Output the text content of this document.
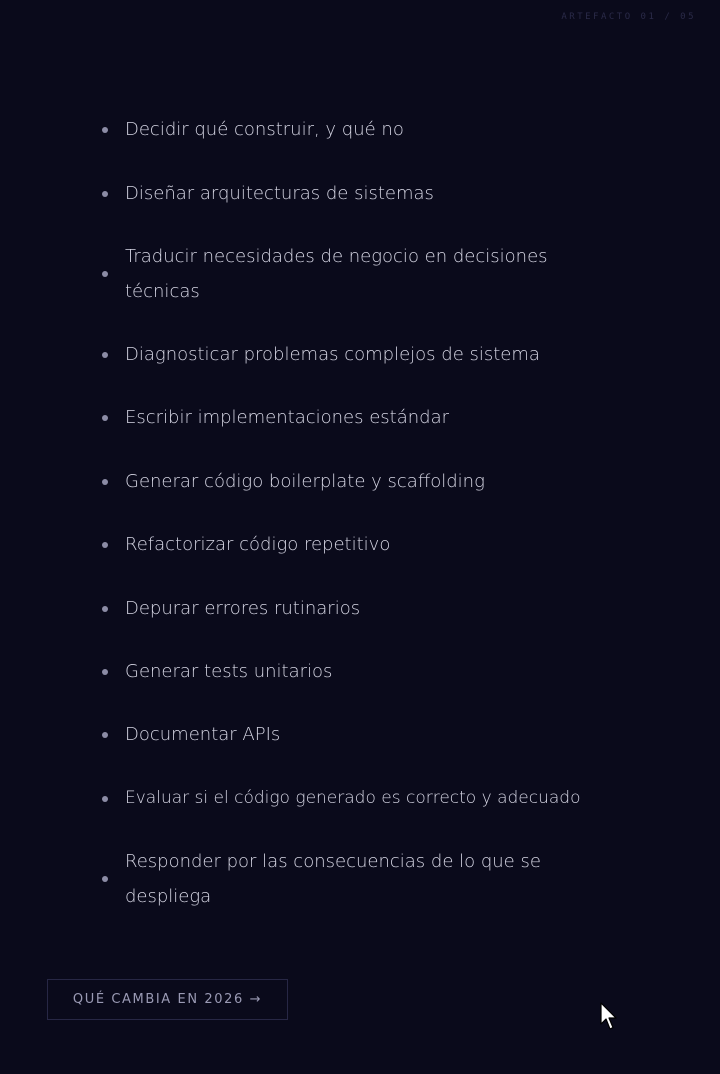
ARTEFACTO 01 / 05
Decidir qué construir, y qué no
Diseñar arquitecturas de sistemas
Traducir necesidades de negocio en decisiones técnicas
Diagnosticar problemas complejos de sistema
Escribir implementaciones estándar
Generar código boilerplate y scaffolding
Refactorizar código repetitivo
Depurar errores rutinarios
Generar tests unitarios
Documentar APIs
Evaluar si el código generado es correcto y adecuado
Responder por las consecuencias de lo que se despliega
QUÉ CAMBIA EN 2026 →
